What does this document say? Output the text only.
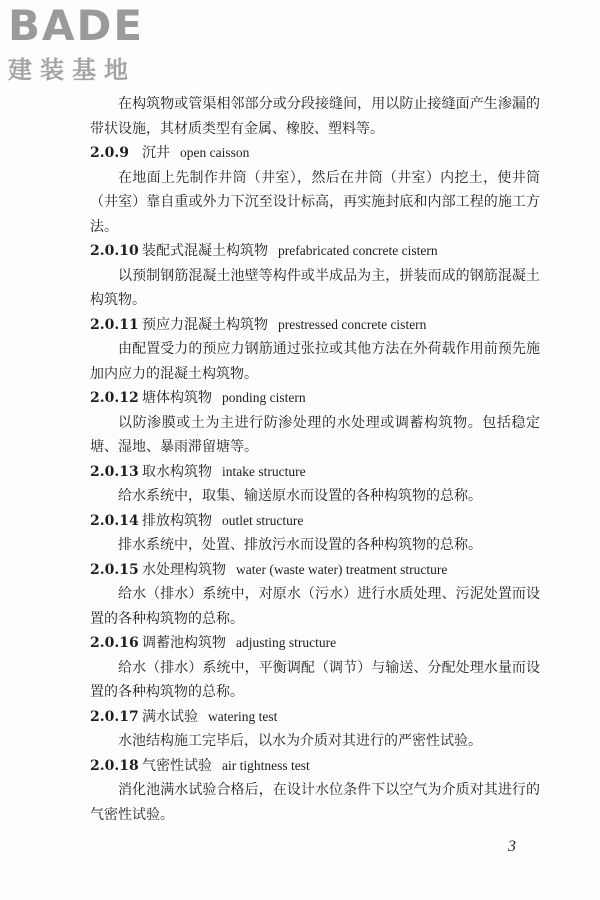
BADE
建装基地

在构筑物或管渠相邻部分或分段接缝间，用以防止接缝面产生渗漏的带状设施，其材质类型有金属、橡胶、塑料等。

2.0.9 沉井 open caisson

在地面上先制作井筒（井室），然后在井筒（井室）内挖土，使井筒（井室）靠自重或外力下沉至设计标高，再实施封底和内部工程的施工方法。

2.0.10 装配式混凝土构筑物 prefabricated concrete cistern

以预制钢筋混凝土池壁等构件或半成品为主，拼装而成的钢筋混凝土构筑物。

2.0.11 预应力混凝土构筑物 prestressed concrete cistern

由配置受力的预应力钢筋通过张拉或其他方法在外荷载作用前预先施加内应力的混凝土构筑物。

2.0.12 塘体构筑物 ponding cistern

以防渗膜或土为主进行防渗处理的水处理或调蓄构筑物。包括稳定塘、湿地、暴雨滞留塘等。

2.0.13 取水构筑物 intake structure

给水系统中，取集、输送原水而设置的各种构筑物的总称。

2.0.14 排放构筑物 outlet structure

排水系统中，处置、排放污水而设置的各种构筑物的总称。

2.0.15 水处理构筑物 water (waste water) treatment structure

给水（排水）系统中，对原水（污水）进行水质处理、污泥处置而设置的各种构筑物的总称。

2.0.16 调蓄池构筑物 adjusting structure

给水（排水）系统中，平衡调配（调节）与输送、分配处理水量而设置的各种构筑物的总称。

2.0.17 满水试验 watering test

水池结构施工完毕后，以水为介质对其进行的严密性试验。

2.0.18 气密性试验 air tightness test

消化池满水试验合格后，在设计水位条件下以空气为介质对其进行的气密性试验。

3
